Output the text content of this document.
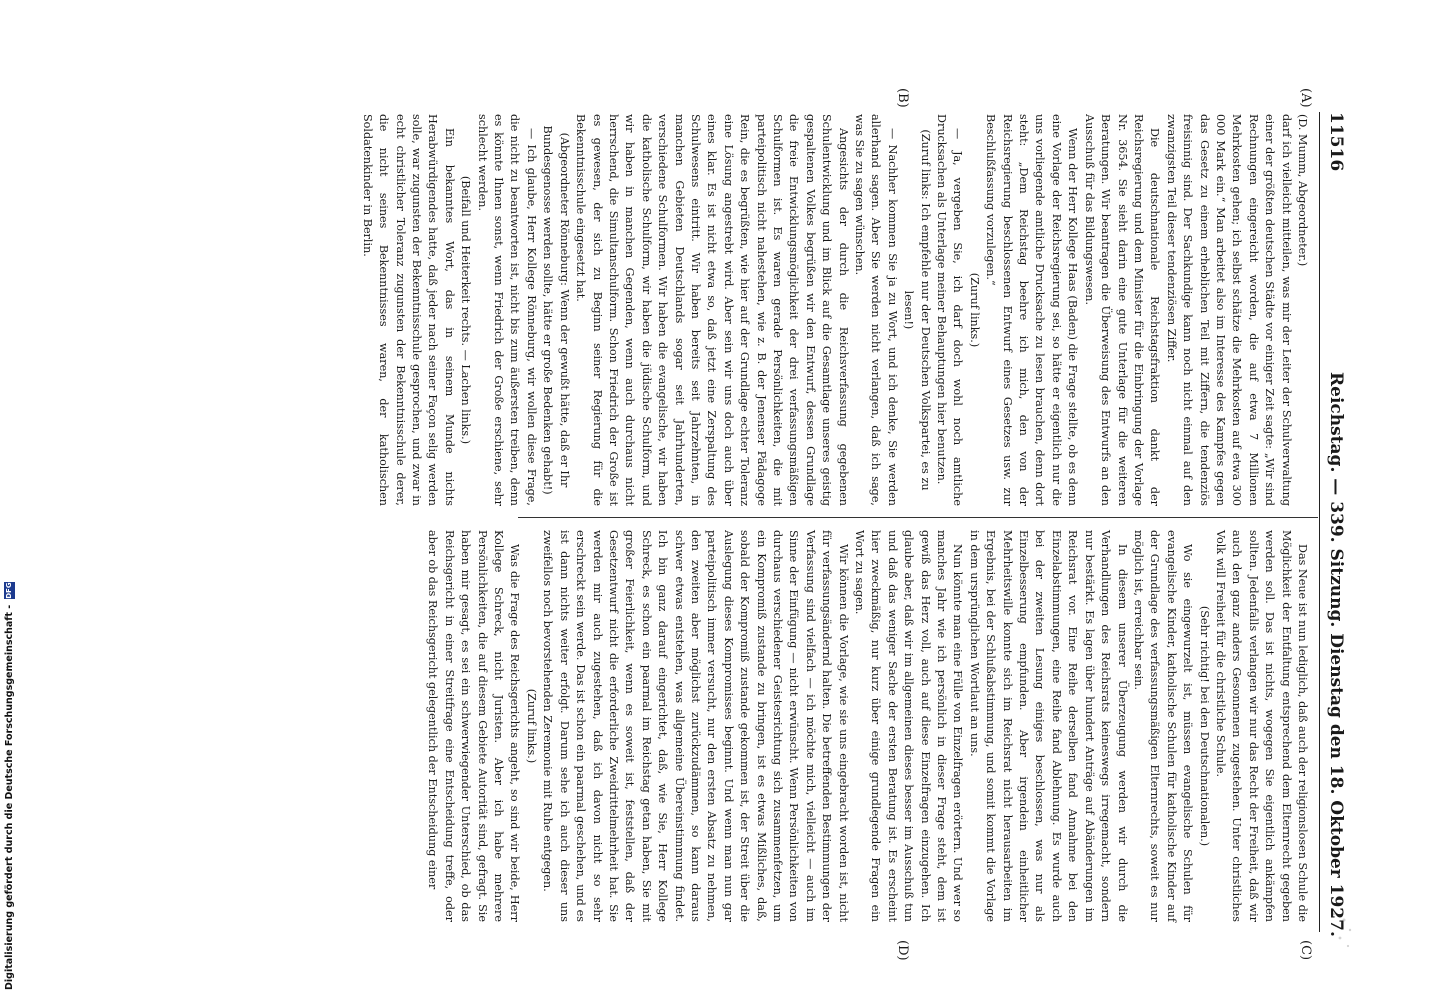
11516
Reichstag. — 339. Sitzung. Dienstag den 18. Oktober 1927.
(A)
(B)
(C)
(D)

(D. Mumm, Abgeordneter.)

darf ich vielleicht mitteilen, was mir der Leiter der Schulverwaltung einer der größten deutschen Städte vor einiger Zeit sagte: „Wir sind Rechnungen eingereicht worden, die auf etwa 7 Millionen Mehrkosten gehen; ich selbst schätze die Mehrkosten auf etwa 300 000 Mark ein.“ Man arbeitet also im Interesse des Kampfes gegen das Gesetz zu einem erheblichen Teil mit Ziffern, die tendenziös freisinnig sind. Der Sachkundige kann noch nicht einmal auf den zwanzigsten Teil dieser tendenziösen Ziffer.

Die deutschnationale Reichstagsfraktion dankt der Reichsregierung und dem Minister für die Einbringung der Vorlage Nr. 3654. Sie sieht darin eine gute Unterlage für die weiteren Beratungen. Wir beantragen die Überweisung des Entwurfs an den Ausschuß für das Bildungswesen.

Wenn der Herr Kollege Haas (Baden) die Frage stellte, ob es denn eine Vorlage der Reichsregierung sei, so hätte er eigentlich nur die uns vorliegende amtliche Drucksache zu lesen brauchen, denn dort steht: „Dem Reichstag beehre ich mich, den von der Reichsregierung beschlossenen Entwurf eines Gesetzes usw. zur Beschlußfassung vorzulegen.“

(Zuruf links.)

— Ja, vergeben Sie, ich darf doch wohl noch amtliche Drucksachen als Unterlage meiner Behauptungen hier benutzen.

(Zuruf links: Ich empfehle nur der Deutschen Volkspartei, es zu lesen!)

— Nachher kommen Sie ja zu Wort, und ich denke, Sie werden allerhand sagen. Aber Sie werden nicht verlangen, daß ich sage, was Sie zu sagen wünschen.

Angesichts der durch die Reichsverfassung gegebenen Schulentwicklung und im Blick auf die Gesamtlage unseres geistig gespaltenen Volkes begrüßen wir den Entwurf, dessen Grundlage die freie Entwicklungsmöglichkeit der drei verfassungsmäßigen Schulformen ist. Es waren gerade Persönlichkeiten, die mit parteipolitisch nicht nahestehen, wie z. B. der Jenenser Pädagoge Rein, die es begrüßten, wie hier auf der Grundlage echter Toleranz eine Lösung angestrebt wird. Aber sein wir uns doch auch über eines klar. Es ist nicht etwa so, daß jetzt eine Zerspaltung des Schulwesens eintritt. Wir haben bereits seit Jahrzehnten, in manchen Gebieten Deutschlands sogar seit Jahrhunderten, verschiedene Schulformen. Wir haben die evangelische, wir haben die katholische Schulform, wir haben die jüdische Schulform, und wir haben in manchen Gegenden, wenn auch durchaus nicht herrschend, die Simultanschulform. Schon Friedrich der Große ist es gewesen, der sich zu Beginn seiner Regierung für die Bekenntnisschule eingesetzt hat.

(Abgeordneter Rönneburg: Wenn der gewußt hätte, daß er Ihr Bundesgenosse werden sollte, hätte er große Bedenken gehabt!)

— Ich glaube, Herr Kollege Rönneburg, wir wollen diese Frage, die nicht zu beantworten ist, nicht bis zum äußersten treiben, denn es könnte Ihnen sonst, wenn Friedrich der Große erschiene, sehr schlecht werden.

(Beifall und Heiterkeit rechts. — Lachen links.)

Ein bekanntes Wort, das in seinem Munde nichts Herabwürdigendes hatte, daß jeder nach seiner Façon selig werden solle, war zugunsten der Bekenntnisschule gesprochen, und zwar in echt christlicher Toleranz zugunsten der Bekenntnisschule derer, die nicht seines Bekenntnisses waren, der katholischen Soldatenkinder in Berlin.

Das Neue ist nun lediglich, daß auch der religionslosen Schule die Möglichkeit der Entfaltung entsprechend dem Elternrecht gegeben werden soll. Das ist nichts, wogegen Sie eigentlich ankämpfen sollten. Jedenfalls verlangen wir nur das Recht der Freiheit, daß wir auch den ganz anders Gesonnenen zugestehen. Unter christliches Volk will Freiheit für die christliche Schule.

(Sehr richtig! bei den Deutschnationalen.)

Wo sie eingewurzelt ist, müssen evangelische Schulen für evangelische Kinder, katholische Schulen für katholische Kinder auf der Grundlage des verfassungsmäßigen Elternrechts, soweit es nur möglich ist, erreichbar sein.

In diesem unserer Überzeugung werden wir durch die Verhandlungen des Reichsrats keineswegs irregemacht, sondern nur bestärkt. Es lagen über hundert Anträge auf Abänderungen im Reichsrat vor. Eine Reihe derselben fand Annahme bei den Einzelabstimmungen, eine Reihe fand Ablehnung. Es wurde auch bei der zweiten Lesung einiges beschlossen, was nur als Einzelbesserung empfunden. Aber irgendein einheitlicher Mehrheitswille konnte sich im Reichsrat nicht herausarbeiten im Ergebnis, bei der Schlußabstimmung, und somit kommt die Vorlage in dem ursprünglichen Wortlaut an uns.

Nun könnte man eine Fülle von Einzelfragen erörtern. Und wer so manches Jahr wie ich persönlich in dieser Frage steht, dem ist gewiß das Herz voll, auch auf diese Einzelfragen einzugehen. Ich glaube aber, daß wir im allgemeinen dieses besser im Ausschuß tun und daß das weniger Sache der ersten Beratung ist. Es erscheint hier zweckmäßig, nur kurz über einige grundlegende Fragen ein Wort zu sagen.

Wir können die Vorlage, wie sie uns eingebracht worden ist, nicht für verfassungsändernd halten. Die betreffenden Bestimmungen der Verfassung sind vielfach — ich möchte mich, vielleicht — auch im Sinne der Einfügung — nicht erwünscht. Wenn Persönlichkeiten von durchaus verschiedener Geistesrichtung sich zusammenfetzen, um ein Kompromiß zustande zu bringen, ist es etwas Mißliches, daß, sobald der Kompromiß zustande gekommen ist, der Streit über die Auslegung dieses Kompromisses beginnt. Und wenn man nun gar parteipolitisch immer versucht, nur den ersten Absatz zu nehmen, den zweiten aber möglichst zurückzudämmen, so kann daraus schwer etwas entstehen, was allgemeine Übereinstimmung findet. Ich bin ganz darauf eingerichtet, daß, wie Sie, Herr Kollege Schreck, es schon ein paarmal im Reichstag getan haben, Sie mit großer Feierlichkeit, wenn es soweit ist, feststellen, daß der Gesetzentwurf nicht die erforderliche Zweidrittelmehrheit hat. Sie werden mir auch zugestehen, daß ich davon nicht so sehr erschreckt sein werde. Das ist schon ein paarmal geschehen, und es ist dann nichts weiter erfolgt. Darum sehe ich auch dieser uns zweifellos noch bevorstehenden Zeremonie mit Ruhe entgegen.

(Zuruf links.)

Was die Frage des Reichsgerichts angeht, so sind wir beide, Herr Kollege Schreck, nicht Juristen. Aber ich habe mehrere Persönlichkeiten, die auf diesem Gebiete Autorität sind, gefragt. Sie haben mir gesagt, es sei ein schwerwiegender Unterschied, ob das Reichsgericht in einer Streitfrage eine Entscheidung treffe, oder aber ob das Reichsgericht gelegentlich der Entscheidung einer

Digitalisierung gefördert durch die Deutsche Forschungsgemeinschaft -
DFG
